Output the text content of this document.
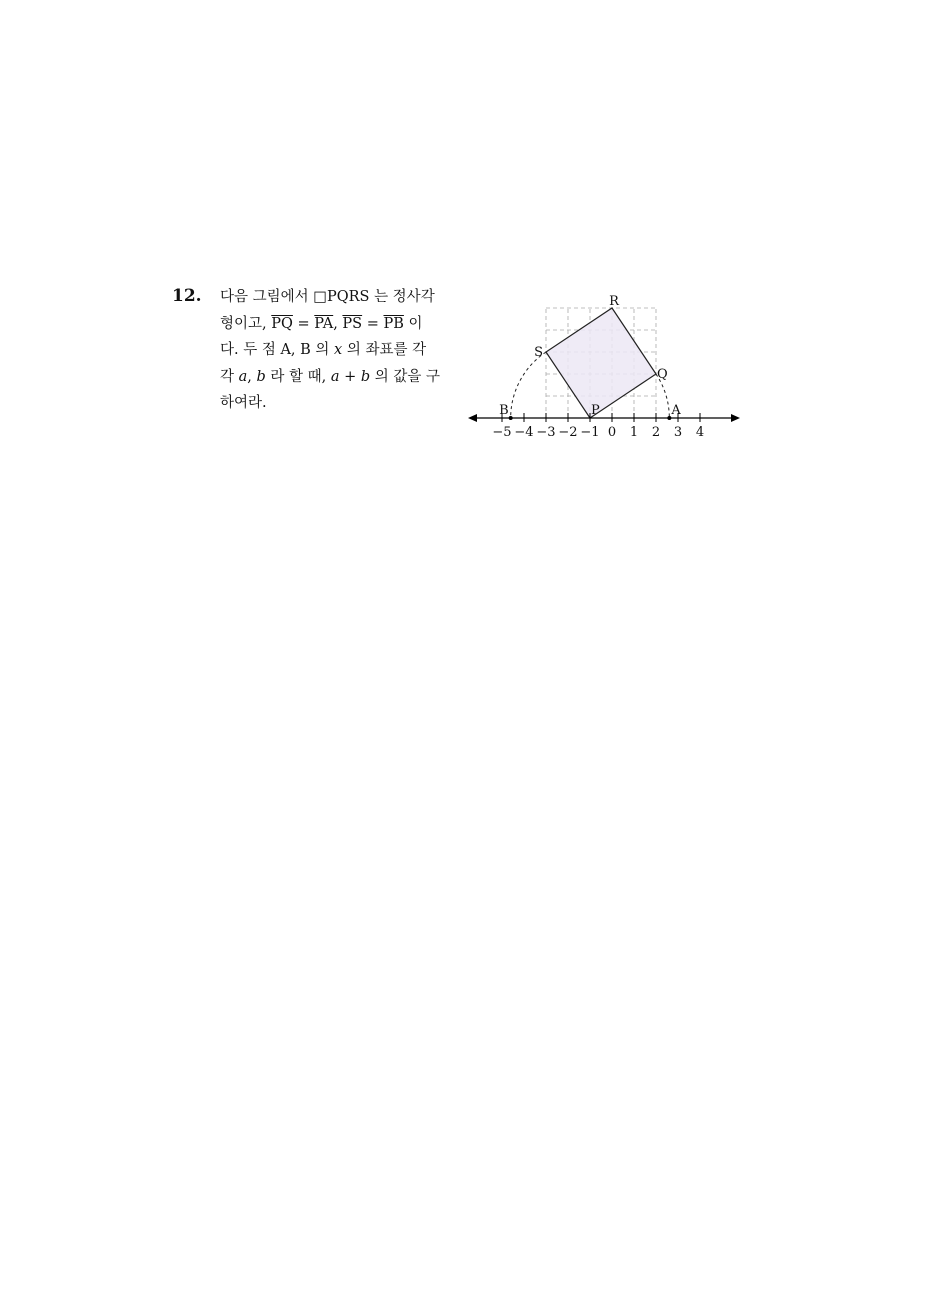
12. 다음 그림에서 □PQRS 는 정사각
형이고, $\overline{PQ} = \overline{PA}$, $\overline{PS} = \overline{PB}$ 이
다. 두 점 A, B 의 x 의 좌표를 각
각 a, b 라 할 때, a + b 의 값을 구
하여라.
−5 −4 −3 −2 −1 0 1 2 3 4
P
Q
R
S
A
B
